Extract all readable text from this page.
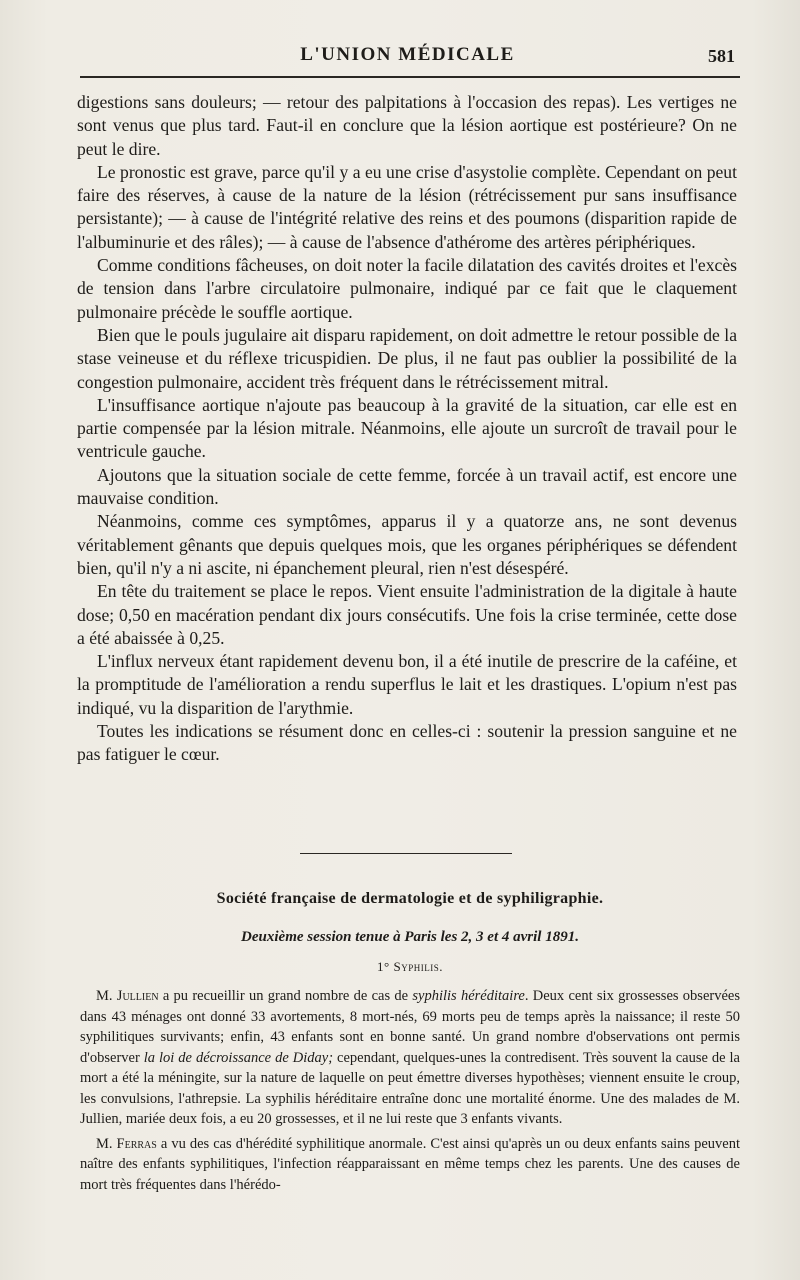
L'UNION MÉDICALE	581

digestions sans douleurs; — retour des palpitations à l'occasion des repas). Les vertiges ne sont venus que plus tard. Faut-il en conclure que la lésion aortique est postérieure? On ne peut le dire.

Le pronostic est grave, parce qu'il y a eu une crise d'asystolie complète. Cependant on peut faire des réserves, à cause de la nature de la lésion (rétrécissement pur sans insuffisance persistante); — à cause de l'intégrité relative des reins et des poumons (disparition rapide de l'albuminurie et des râles); — à cause de l'absence d'athérome des artères périphériques.

Comme conditions fâcheuses, on doit noter la facile dilatation des cavités droites et l'excès de tension dans l'arbre circulatoire pulmonaire, indiqué par ce fait que le claquement pulmonaire précède le souffle aortique.

Bien que le pouls jugulaire ait disparu rapidement, on doit admettre le retour possible de la stase veineuse et du réflexe tricuspidien. De plus, il ne faut pas oublier la possibilité de la congestion pulmonaire, accident très fréquent dans le rétrécissement mitral.

L'insuffisance aortique n'ajoute pas beaucoup à la gravité de la situation, car elle est en partie compensée par la lésion mitrale. Néanmoins, elle ajoute un surcroît de travail pour le ventricule gauche.

Ajoutons que la situation sociale de cette femme, forcée à un travail actif, est encore une mauvaise condition.

Néanmoins, comme ces symptômes, apparus il y a quatorze ans, ne sont devenus véritablement gênants que depuis quelques mois, que les organes périphériques se défendent bien, qu'il n'y a ni ascite, ni épanchement pleural, rien n'est désespéré.

En tête du traitement se place le repos. Vient ensuite l'administration de la digitale à haute dose; 0,50 en macération pendant dix jours consécutifs. Une fois la crise terminée, cette dose a été abaissée à 0,25.

L'influx nerveux étant rapidement devenu bon, il a été inutile de prescrire de la caféine, et la promptitude de l'amélioration a rendu superflus le lait et les drastiques. L'opium n'est pas indiqué, vu la disparition de l'arythmie.

Toutes les indications se résument donc en celles-ci : soutenir la pression sanguine et ne pas fatiguer le cœur.

Société française de dermatologie et de syphiligraphie.
Deuxième session tenue à Paris les 2, 3 et 4 avril 1891.
1° Syphilis.

M. Jullien a pu recueillir un grand nombre de cas de syphilis héréditaire. Deux cent six grossesses observées dans 43 ménages ont donné 33 avortements, 8 mort-nés, 69 morts peu de temps après la naissance; il reste 50 syphilitiques survivants; enfin, 43 enfants sont en bonne santé. Un grand nombre d'observations ont permis d'observer la loi de décroissance de Diday; cependant, quelques-unes la contredisent. Très souvent la cause de la mort a été la méningite, sur la nature de laquelle on peut émettre diverses hypothèses; viennent ensuite le croup, les convulsions, l'athrepsie. La syphilis héréditaire entraîne donc une mortalité énorme. Une des malades de M. Jullien, mariée deux fois, a eu 20 grossesses, et il ne lui reste que 3 enfants vivants.

M. Ferras a vu des cas d'hérédité syphilitique anormale. C'est ainsi qu'après un ou deux enfants sains peuvent naître des enfants syphilitiques, l'infection réapparaissant en même temps chez les parents. Une des causes de mort très fréquentes dans l'hérédo-
